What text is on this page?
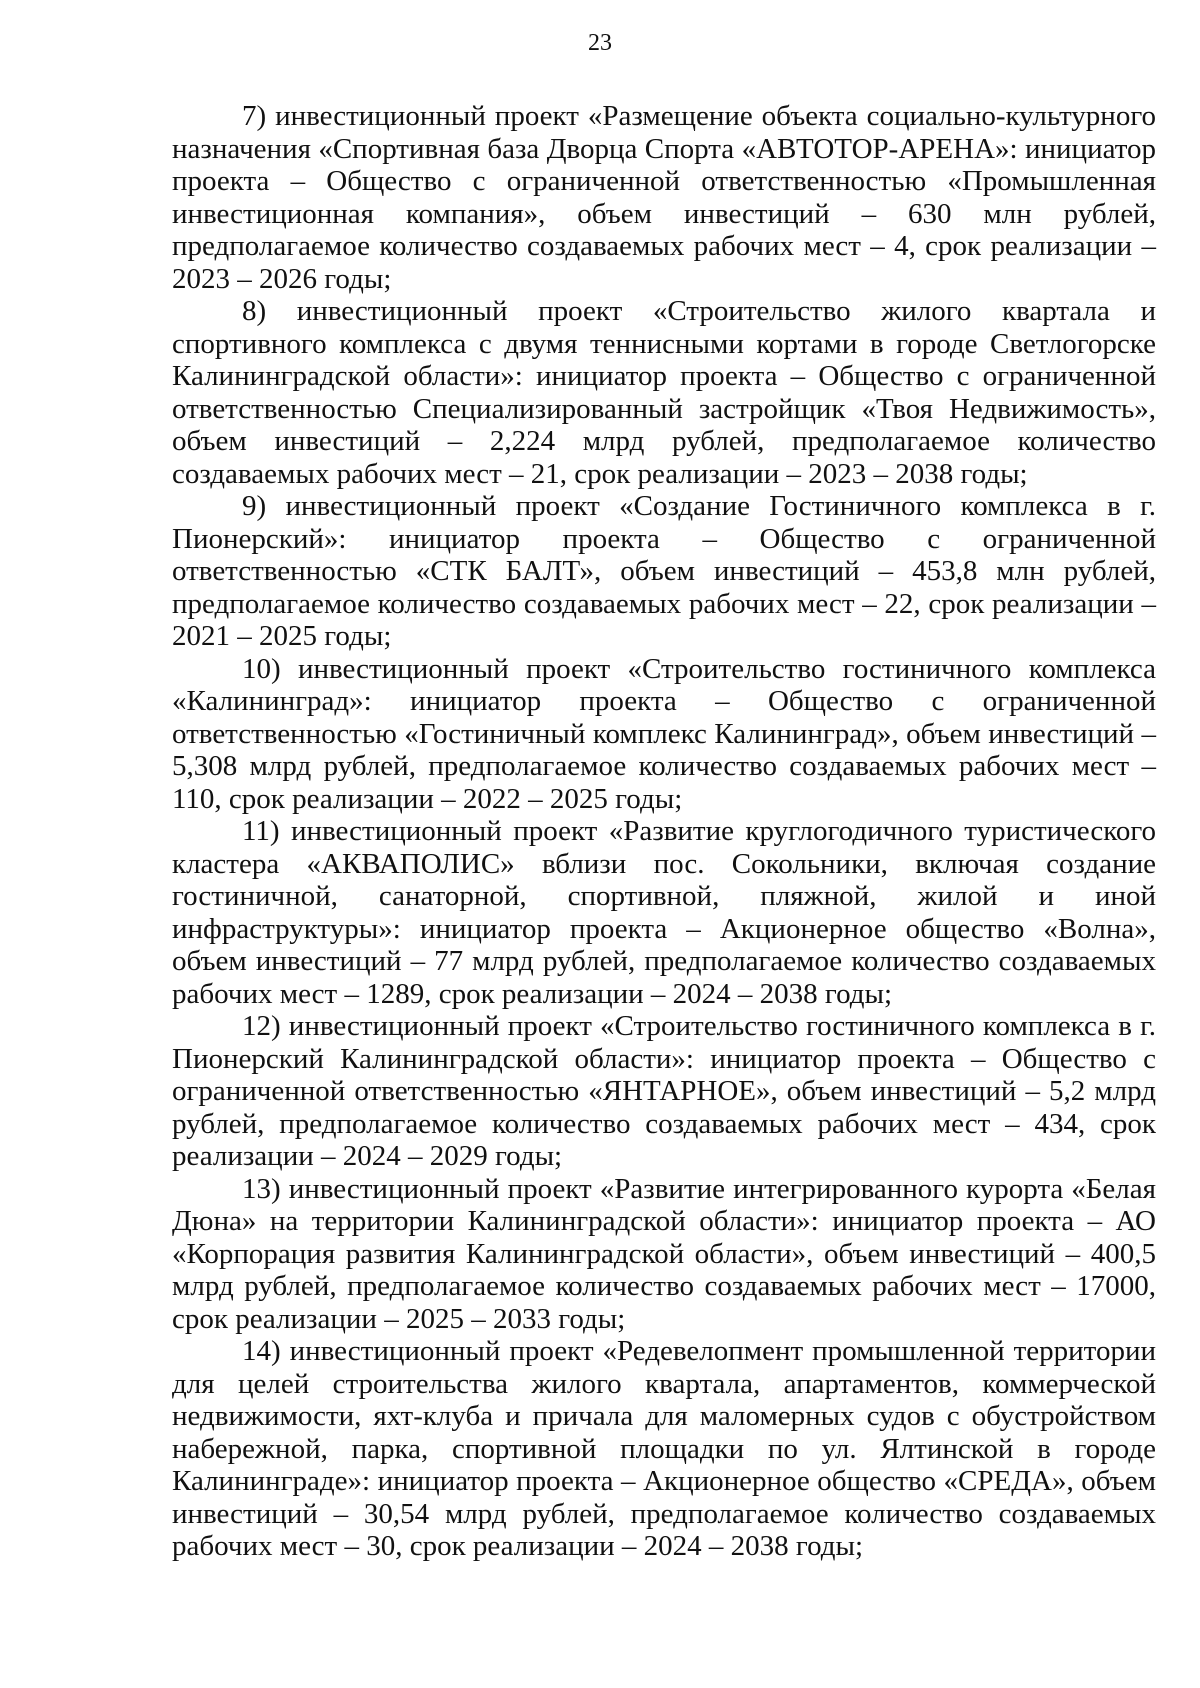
23

7) инвестиционный проект «Размещение объекта социально-культурного назначения «Спортивная база Дворца Спорта «АВТОТОР-АРЕНА»: инициатор проекта – Общество с ограниченной ответственностью «Промышленная инвестиционная компания», объем инвестиций – 630 млн рублей, предполагаемое количество создаваемых рабочих мест – 4, срок реализации – 2023 – 2026 годы;

8) инвестиционный проект «Строительство жилого квартала и спортивного комплекса с двумя теннисными кортами в городе Светлогорске Калининградской области»: инициатор проекта – Общество с ограниченной ответственностью Специализированный застройщик «Твоя Недвижимость», объем инвестиций – 2,224 млрд рублей, предполагаемое количество создаваемых рабочих мест – 21, срок реализации – 2023 – 2038 годы;

9) инвестиционный проект «Создание Гостиничного комплекса в г. Пионерский»: инициатор проекта – Общество с ограниченной ответственностью «СТК БАЛТ», объем инвестиций – 453,8 млн рублей, предполагаемое количество создаваемых рабочих мест – 22, срок реализации – 2021 – 2025 годы;

10) инвестиционный проект «Строительство гостиничного комплекса «Калининград»: инициатор проекта – Общество с ограниченной ответственностью «Гостиничный комплекс Калининград», объем инвестиций – 5,308 млрд рублей, предполагаемое количество создаваемых рабочих мест – 110, срок реализации – 2022 – 2025 годы;

11) инвестиционный проект «Развитие круглогодичного туристического кластера «АКВАПОЛИС» вблизи пос. Сокольники, включая создание гостиничной, санаторной, спортивной, пляжной, жилой и иной инфраструктуры»: инициатор проекта – Акционерное общество «Волна», объем инвестиций – 77 млрд рублей, предполагаемое количество создаваемых рабочих мест – 1289, срок реализации – 2024 – 2038 годы;

12) инвестиционный проект «Строительство гостиничного комплекса в г. Пионерский Калининградской области»: инициатор проекта – Общество с ограниченной ответственностью «ЯНТАРНОЕ», объем инвестиций – 5,2 млрд рублей, предполагаемое количество создаваемых рабочих мест – 434, срок реализации – 2024 – 2029 годы;

13) инвестиционный проект «Развитие интегрированного курорта «Белая Дюна» на территории Калининградской области»: инициатор проекта – АО «Корпорация развития Калининградской области», объем инвестиций – 400,5 млрд рублей, предполагаемое количество создаваемых рабочих мест – 17000, срок реализации – 2025 – 2033 годы;

14) инвестиционный проект «Редевелопмент промышленной территории для целей строительства жилого квартала, апартаментов, коммерческой недвижимости, яхт-клуба и причала для маломерных судов с обустройством набережной, парка, спортивной площадки по ул. Ялтинской в городе Калининграде»: инициатор проекта – Акционерное общество «СРЕДА», объем инвестиций – 30,54 млрд рублей, предполагаемое количество создаваемых рабочих мест – 30, срок реализации – 2024 – 2038 годы;
